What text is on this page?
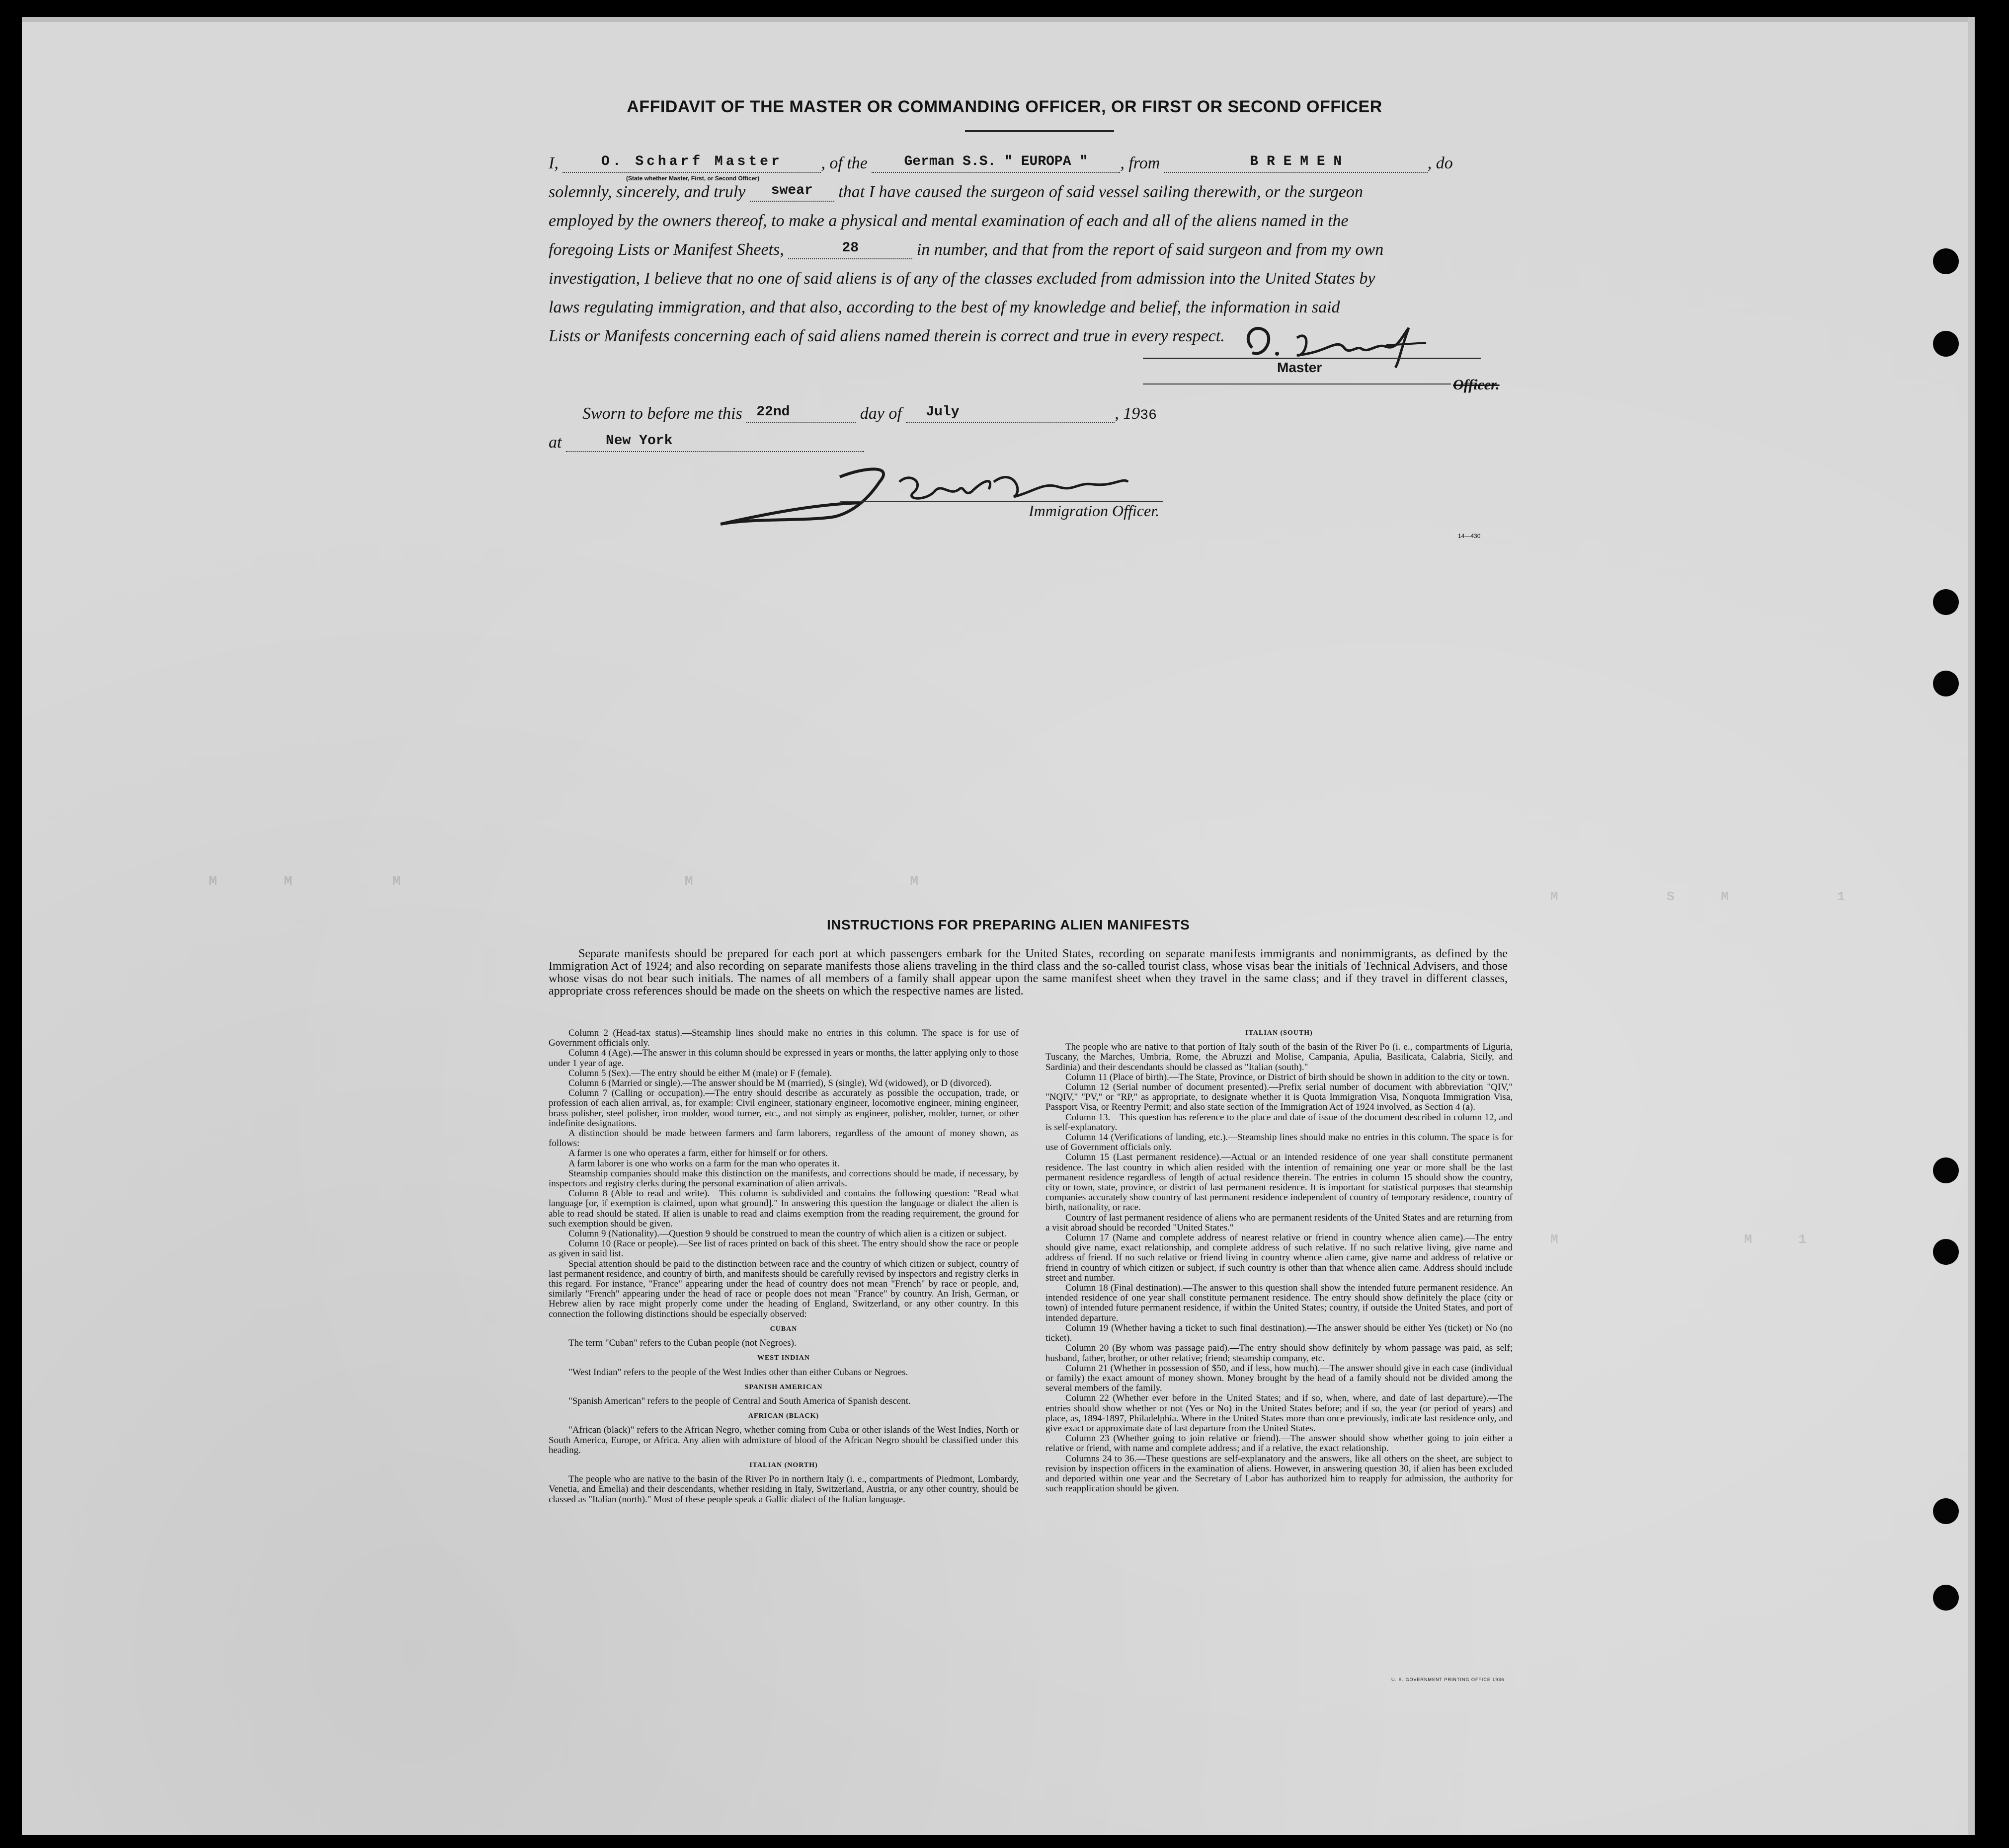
M        M            M                                  M                          M
M              S      M              1
M                        M      1
AFFIDAVIT OF THE MASTER OR COMMANDING OFFICER, OR FIRST OR SECOND OFFICER
I,	O. Scharf Master , of the	German S.S. " EUROPA " , from	B R E M E N	, do
(State whether Master, First, or Second Officer)
solemnly, sincerely, and truly swear that I have caused the surgeon of said vessel sailing therewith, or the surgeon
employed by the owners thereof, to make a physical and mental examination of each and all of the aliens named in the
foregoing Lists or Manifest Sheets,	28	in number, and that from the report of said surgeon and from my own
investigation, I believe that no one of said aliens is of any of the classes excluded from admission into the United States by
laws regulating immigration, and that also, according to the best of my knowledge and belief, the information in said
Lists or Manifests concerning each of said aliens named therein is correct and true in every respect.
Master
Officer.
Sworn to before me this 22nd	day of July	, 1936
at	New York
Immigration Officer.
14—430
INSTRUCTIONS FOR PREPARING ALIEN MANIFESTS
Separate manifests should be prepared for each port at which passengers embark for the United States, recording on separate manifests immigrants and nonimmigrants, as defined by the Immigration Act of 1924; and also recording on separate manifests those aliens traveling in the third class and the so-called tourist class, whose visas bear the initials of Technical Advisers, and those whose visas do not bear such initials. The names of all members of a family shall appear upon the same manifest sheet when they travel in the same class; and if they travel in different classes, appropriate cross references should be made on the sheets on which the respective names are listed.

Column 2 (Head-tax status).—Steamship lines should make no entries in this column. The space is for use of Government officials only.

Column 4 (Age).—The answer in this column should be expressed in years or months, the latter applying only to those under 1 year of age.

Column 5 (Sex).—The entry should be either M (male) or F (female).

Column 6 (Married or single).—The answer should be M (married), S (single), Wd (widowed), or D (divorced).

Column 7 (Calling or occupation).—The entry should describe as accurately as possible the occupation, trade, or profession of each alien arrival, as, for example: Civil engineer, stationary engineer, locomotive engineer, mining engineer, brass polisher, steel polisher, iron molder, wood turner, etc., and not simply as engineer, polisher, molder, turner, or other indefinite designations.

A distinction should be made between farmers and farm laborers, regardless of the amount of money shown, as follows:

A farmer is one who operates a farm, either for himself or for others.

A farm laborer is one who works on a farm for the man who operates it.

Steamship companies should make this distinction on the manifests, and corrections should be made, if necessary, by inspectors and registry clerks during the personal examination of alien arrivals.

Column 8 (Able to read and write).—This column is subdivided and contains the following question: "Read what language [or, if exemption is claimed, upon what ground]." In answering this question the language or dialect the alien is able to read should be stated. If alien is unable to read and claims exemption from the reading requirement, the ground for such exemption should be given.

Column 9 (Nationality).—Question 9 should be construed to mean the country of which alien is a citizen or subject.

Column 10 (Race or people).—See list of races printed on back of this sheet. The entry should show the race or people as given in said list.

Special attention should be paid to the distinction between race and the country of which citizen or subject, country of last permanent residence, and country of birth, and manifests should be carefully revised by inspectors and registry clerks in this regard. For instance, "France" appearing under the head of country does not mean "French" by race or people, and, similarly "French" appearing under the head of race or people does not mean "France" by country. An Irish, German, or Hebrew alien by race might properly come under the heading of England, Switzerland, or any other country. In this connection the following distinctions should be especially observed:

CUBAN

The term "Cuban" refers to the Cuban people (not Negroes).

WEST INDIAN

"West Indian" refers to the people of the West Indies other than either Cubans or Negroes.

SPANISH AMERICAN

"Spanish American" refers to the people of Central and South America of Spanish descent.

AFRICAN (BLACK)

"African (black)" refers to the African Negro, whether coming from Cuba or other islands of the West Indies, North or South America, Europe, or Africa. Any alien with admixture of blood of the African Negro should be classified under this heading.

ITALIAN (NORTH)

The people who are native to the basin of the River Po in northern Italy (i. e., compartments of Piedmont, Lombardy, Venetia, and Emelia) and their descendants, whether residing in Italy, Switzerland, Austria, or any other country, should be classed as "Italian (north)." Most of these people speak a Gallic dialect of the Italian language.

ITALIAN (SOUTH)

The people who are native to that portion of Italy south of the basin of the River Po (i. e., compartments of Liguria, Tuscany, the Marches, Umbria, Rome, the Abruzzi and Molise, Campania, Apulia, Basilicata, Calabria, Sicily, and Sardinia) and their descendants should be classed as "Italian (south)."

Column 11 (Place of birth).—The State, Province, or District of birth should be shown in addition to the city or town.

Column 12 (Serial number of document presented).—Prefix serial number of document with abbreviation "QIV," "NQIV," "PV," or "RP," as appropriate, to designate whether it is Quota Immigration Visa, Nonquota Immigration Visa, Passport Visa, or Reentry Permit; and also state section of the Immigration Act of 1924 involved, as Section 4 (a).

Column 13.—This question has reference to the place and date of issue of the document described in column 12, and is self-explanatory.

Column 14 (Verifications of landing, etc.).—Steamship lines should make no entries in this column. The space is for use of Government officials only.

Column 15 (Last permanent residence).—Actual or an intended residence of one year shall constitute permanent residence. The last country in which alien resided with the intention of remaining one year or more shall be the last permanent residence regardless of length of actual residence therein. The entries in column 15 should show the country, city or town, state, province, or district of last permanent residence. It is important for statistical purposes that steamship companies accurately show country of last permanent residence independent of country of temporary residence, country of birth, nationality, or race.

Country of last permanent residence of aliens who are permanent residents of the United States and are returning from a visit abroad should be recorded "United States."

Column 17 (Name and complete address of nearest relative or friend in country whence alien came).—The entry should give name, exact relationship, and complete address of such relative. If no such relative living, give name and address of friend. If no such relative or friend living in country whence alien came, give name and address of relative or friend in country of which citizen or subject, if such country is other than that whence alien came. Address should include street and number.

Column 18 (Final destination).—The answer to this question shall show the intended future permanent residence. An intended residence of one year shall constitute permanent residence. The entry should show definitely the place (city or town) of intended future permanent residence, if within the United States; country, if outside the United States, and port of intended departure.

Column 19 (Whether having a ticket to such final destination).—The answer should be either Yes (ticket) or No (no ticket).

Column 20 (By whom was passage paid).—The entry should show definitely by whom passage was paid, as self; husband, father, brother, or other relative; friend; steamship company, etc.

Column 21 (Whether in possession of $50, and if less, how much).—The answer should give in each case (individual or family) the exact amount of money shown. Money brought by the head of a family should not be divided among the several members of the family.

Column 22 (Whether ever before in the United States; and if so, when, where, and date of last departure).—The entries should show whether or not (Yes or No) in the United States before; and if so, the year (or period of years) and place, as, 1894-1897, Philadelphia. Where in the United States more than once previously, indicate last residence only, and give exact or approximate date of last departure from the United States.

Column 23 (Whether going to join relative or friend).—The answer should show whether going to join either a relative or friend, with name and complete address; and if a relative, the exact relationship.

Columns 24 to 36.—These questions are self-explanatory and the answers, like all others on the sheet, are subject to revision by inspection officers in the examination of aliens. However, in answering question 30, if alien has been excluded and deported within one year and the Secretary of Labor has authorized him to reapply for admission, the authority for such reapplication should be given.

U. S. GOVERNMENT PRINTING OFFICE 1936
